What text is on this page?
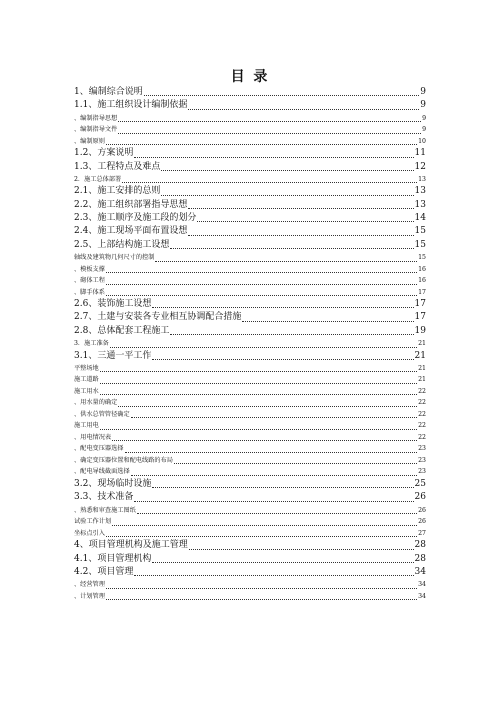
目 录
1、编制综合说明	9
1.1、施工组织设计编制依据	9
、编制指导思想	9
、编制指导文件	9
、编制原则	10
1.2、方案说明	11
1.3、工程特点及难点	12
2．施工总体部署	13
2.1、施工安排的总则	13
2.2、施工组织部署指导思想	13
2.3、施工顺序及施工段的划分	14
2.4、施工现场平面布置设想	15
2.5、上部结构施工设想	15
轴线及建筑物几何尺寸的控制	15
、模板支撑	16
、砌体工程	16
、脚手体系	17
2.6、装饰施工设想	17
2.7、土建与安装各专业相互协调配合措施	17
2.8、总体配套工程施工	19
3．施工准备	21
3.1、三通一平工作	21
平整场地	21
施工道路	21
施工用水	22
、用水量的确定	22
、供水总管管径确定	22
施工用电	22
、用电情况表	22
、配电变压器选择	23
、确定变压器位置和配电线路的布局	23
、配电导线截面选择	23
3.2、现场临时设施	25
3.3、技术准备	26
、熟悉和审查施工图纸	26
试验工作计划	26
坐标点引入	27
4、项目管理机构及施工管理	28
4.1、项目管理机构	28
4.2、项目管理	34
、经营管理	34
、计划管理	34
